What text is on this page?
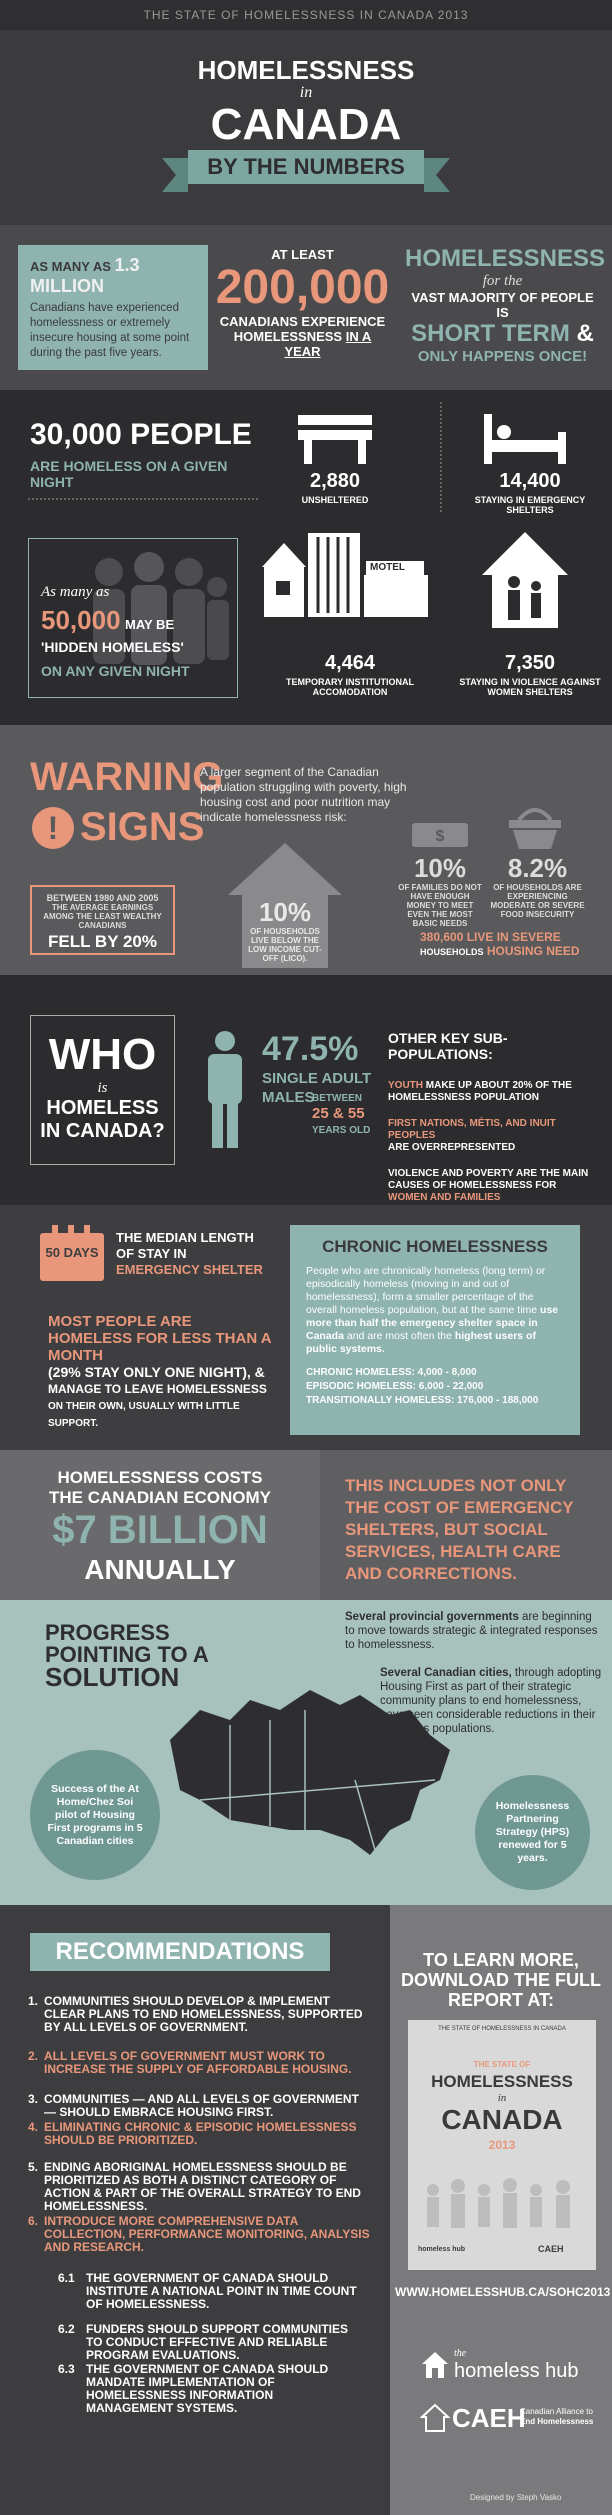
THE STATE OF HOMELESSNESS IN CANADA 2013
HOMELESSNESS
in
CANADA
BY THE NUMBERS
AS MANY AS 1.3 MILLION
Canadians have experienced homelessness or extremely insecure housing at some point during the past five years.
AT LEAST
200,000
CANADIANS EXPERIENCE
HOMELESSNESS IN A YEAR
HOMELESSNESS
for the
VAST MAJORITY OF PEOPLE IS
SHORT TERM &
ONLY HAPPENS ONCE!
30,000 PEOPLE
ARE HOMELESS ON A GIVEN NIGHT	2,880
UNSHELTERED
14,400
STAYING IN EMERGENCY SHELTERS
As many as
50,000 MAY BE
'HIDDEN HOMELESS'
ON ANY GIVEN NIGHT
MOTEL
4,464
TEMPORARY INSTITUTIONAL ACCOMODATION
7,350
STAYING IN VIOLENCE AGAINST WOMEN SHELTERS
WARNING
! SIGNS
A larger segment of the Canadian population struggling with poverty, high housing cost and poor nutrition may indicate homelessness risk:
BETWEEN 1980 AND 2005
THE AVERAGE EARNINGS AMONG THE LEAST WEALTHY CANADIANS
FELL BY 20%
10%
OF HOUSEHOLDS LIVE BELOW THE LOW INCOME CUT-OFF (LICO).
$
10%
OF FAMILIES DO NOT HAVE ENOUGH MONEY TO MEET EVEN THE MOST BASIC NEEDS
8.2%
OF HOUSEHOLDS ARE EXPERIENCING MODERATE OR SEVERE FOOD INSECURITY
380,600 LIVE IN SEVERE
HOUSEHOLDS HOUSING NEED
WHO
is
HOMELESS
IN CANADA?
47.5%
SINGLE ADULT
MALES
BETWEEN
25 & 55
YEARS OLD
OTHER KEY SUB-POPULATIONS:
YOUTH MAKE UP ABOUT 20% OF THE HOMELESSNESS POPULATION
FIRST NATIONS, MÉTIS, AND INUIT PEOPLES
ARE OVERREPRESENTED
VIOLENCE AND POVERTY ARE THE MAIN CAUSES OF HOMELESSNESS FOR WOMEN AND FAMILIES
50 DAYS
THE MEDIAN LENGTH OF STAY IN EMERGENCY SHELTER
MOST PEOPLE ARE HOMELESS FOR LESS THAN A MONTH
(29% STAY ONLY ONE NIGHT), &
MANAGE TO LEAVE HOMELESSNESS
ON THEIR OWN, USUALLY WITH LITTLE SUPPORT.
CHRONIC HOMELESSNESS
People who are chronically homeless (long term) or episodically homeless (moving in and out of homelessness), form a smaller percentage of the overall homeless population, but at the same time use more than half the emergency shelter space in Canada and are most often the highest users of public systems.
CHRONIC HOMELESS: 4,000 - 8,000
EPISODIC HOMELESS: 6,000 - 22,000
TRANSITIONALLY HOMELESS: 176,000 - 188,000
HOMELESSNESS COSTS
THE CANADIAN ECONOMY
$7 BILLION
ANNUALLY
THIS INCLUDES NOT ONLY THE COST OF EMERGENCY SHELTERS, BUT SOCIAL SERVICES, HEALTH CARE AND CORRECTIONS.
PROGRESS
POINTING TO A
SOLUTION
Several provincial governments are beginning to move towards strategic & integrated responses to homelessness.
Several Canadian cities, through adopting Housing First as part of their strategic community plans to end homelessness, have seen considerable reductions in their homeless populations.
Success of the At Home/Chez Soi pilot of Housing First programs in 5 Canadian cities
Homelessness Partnering Strategy (HPS) renewed for 5 years.
RECOMMENDATIONS
1. COMMUNITIES SHOULD DEVELOP & IMPLEMENT CLEAR PLANS TO END HOMELESSNESS, SUPPORTED BY ALL LEVELS OF GOVERNMENT.
2. ALL LEVELS OF GOVERNMENT MUST WORK TO INCREASE THE SUPPLY OF AFFORDABLE HOUSING.
3. COMMUNITIES — AND ALL LEVELS OF GOVERNMENT — SHOULD EMBRACE HOUSING FIRST.
4. ELIMINATING CHRONIC & EPISODIC HOMELESSNESS SHOULD BE PRIORITIZED.
5. ENDING ABORIGINAL HOMELESSNESS SHOULD BE PRIORITIZED AS BOTH A DISTINCT CATEGORY OF ACTION & PART OF THE OVERALL STRATEGY TO END HOMELESSNESS.
6. INTRODUCE MORE COMPREHENSIVE DATA COLLECTION, PERFORMANCE MONITORING, ANALYSIS AND RESEARCH.
6.1 THE GOVERNMENT OF CANADA SHOULD INSTITUTE A NATIONAL POINT IN TIME COUNT OF HOMELESSNESS.
6.2 FUNDERS SHOULD SUPPORT COMMUNITIES TO CONDUCT EFFECTIVE AND RELIABLE PROGRAM EVALUATIONS.
6.3 THE GOVERNMENT OF CANADA SHOULD MANDATE IMPLEMENTATION OF HOMELESSNESS INFORMATION MANAGEMENT SYSTEMS.
TO LEARN MORE, DOWNLOAD THE FULL REPORT AT:
THE STATE OF HOMELESSNESS IN CANADA
THE STATE OF
HOMELESSNESS
in
CANADA
2013
homeless hub	CAEH
WWW.HOMELESSHUB.CA/SOHC2013
the
homeless hub
CAEH
Canadian Alliance to
End Homelessness
Designed by Steph Vasko
